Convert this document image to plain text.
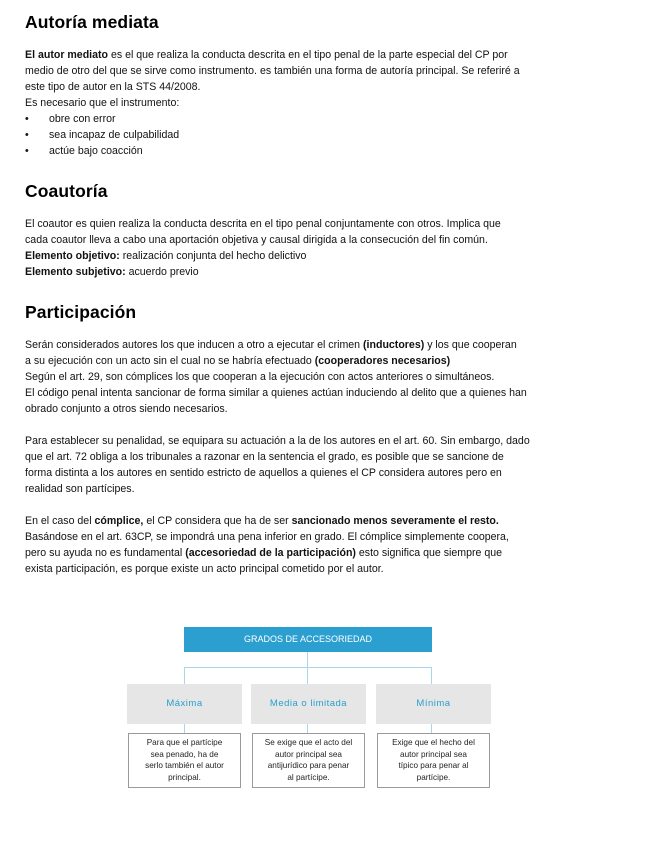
Autoría mediata

El autor mediato es el que realiza la conducta descrita en el tipo penal de la parte especial del CP por

medio de otro del que se sirve como instrumento. es también una forma de autoría principal. Se referiré a

este tipo de autor en la STS 44/2008.

Es necesario que el instrumento:

• obre con error
• sea incapaz de culpabilidad
• actúe bajo coacción
Coautoría

El coautor es quien realiza la conducta descrita en el tipo penal conjuntamente con otros. Implica que

cada coautor lleva a cabo una aportación objetiva y causal dirigida a la consecución del fin común.

Elemento objetivo: realización conjunta del hecho delictivo

Elemento subjetivo: acuerdo previo

Participación

Serán considerados autores los que inducen a otro a ejecutar el crimen (inductores) y los que cooperan

a su ejecución con un acto sin el cual no se habría efectuado (cooperadores necesarios)

Según el art. 29, son cómplices los que cooperan a la ejecución con actos anteriores o simultáneos.

El código penal intenta sancionar de forma similar a quienes actúan induciendo al delito que a quienes han

obrado conjunto a otros siendo necesarios.

Para establecer su penalidad, se equipara su actuación a la de los autores en el art. 60. Sin embargo, dado

que el art. 72 obliga a los tribunales a razonar en la sentencia el grado, es posible que se sancione de

forma distinta a los autores en sentido estricto de aquellos a quienes el CP considera autores pero en

realidad son partícipes.

En el caso del cómplice, el CP considera que ha de ser sancionado menos severamente el resto.

Basándose en el art. 63CP, se impondrá una pena inferior en grado. El cómplice simplemente coopera,

pero su ayuda no es fundamental (accesoriedad de la participación) esto significa que siempre que

exista participación, es porque existe un acto principal cometido por el autor.

GRADOS DE ACCESORIEDAD
Máxima	Media o limitada	Mínima
Para que el partícipe
sea penado, ha de
serlo también el autor
principal.
Se exige que el acto del
autor principal sea
antijurídico para penar
al partícipe.
Exige que el hecho del
autor principal sea
típico para penar al
partícipe.
